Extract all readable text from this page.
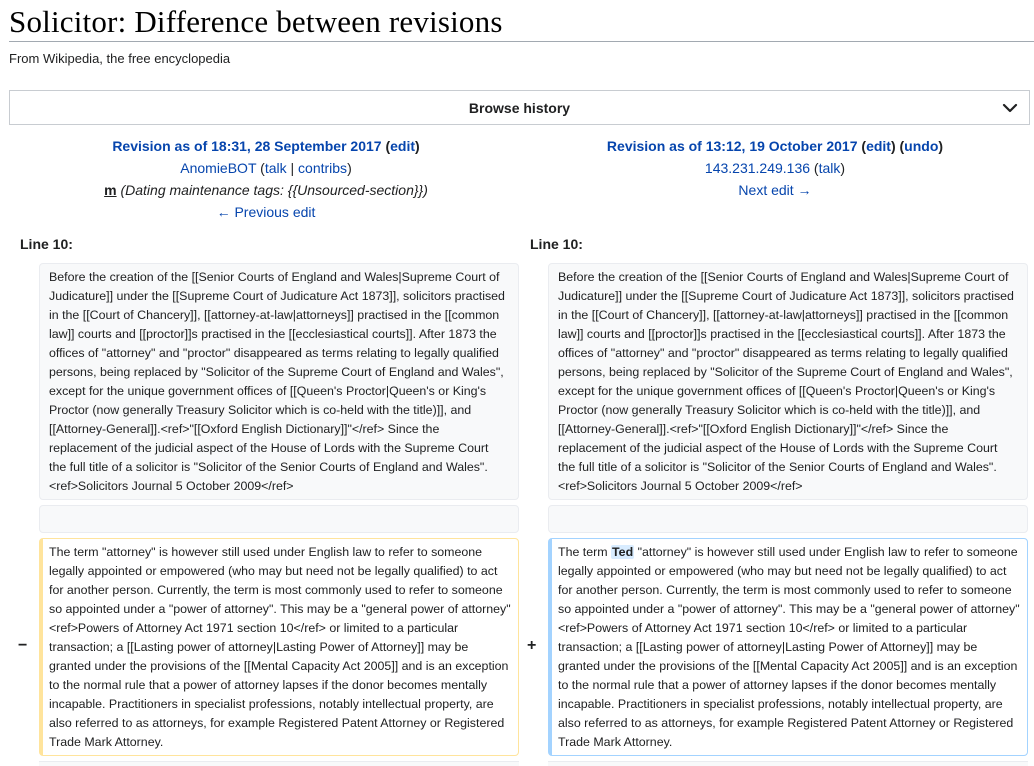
Solicitor: Difference between revisions
From Wikipedia, the free encyclopedia
Browse history
Revision as of 18:31, 28 September 2017 (edit)
AnomieBOT (talk | contribs)
m (Dating maintenance tags: {{Unsourced-section}})
← Previous edit
Revision as of 13:12, 19 October 2017 (edit) (undo)
143.231.249.136 (talk)
Next edit →
Line 10:	Line 10:
Before the creation of the [[Senior Courts of England and Wales|Supreme Court of Judicature]] under the [[Supreme Court of Judicature Act 1873]], solicitors practised in the [[Court of Chancery]], [[attorney-at-law|attorneys]] practised in the [[common law]] courts and [[proctor]]s practised in the [[ecclesiastical courts]]. After 1873 the offices of "attorney" and "proctor" disappeared as terms relating to legally qualified persons, being replaced by "Solicitor of the Supreme Court of England and Wales", except for the unique government offices of [[Queen's Proctor|Queen's or King's Proctor (now generally Treasury Solicitor which is co-held with the title)]], and [[Attorney-General]].<ref>"[[Oxford English Dictionary]]"</ref> Since the replacement of the judicial aspect of the House of Lords with the Supreme Court the full title of a solicitor is "Solicitor of the Senior Courts of England and Wales".<ref>Solicitors Journal 5 October 2009</ref>
Before the creation of the [[Senior Courts of England and Wales|Supreme Court of Judicature]] under the [[Supreme Court of Judicature Act 1873]], solicitors practised in the [[Court of Chancery]], [[attorney-at-law|attorneys]] practised in the [[common law]] courts and [[proctor]]s practised in the [[ecclesiastical courts]]. After 1873 the offices of "attorney" and "proctor" disappeared as terms relating to legally qualified persons, being replaced by "Solicitor of the Supreme Court of England and Wales", except for the unique government offices of [[Queen's Proctor|Queen's or King's Proctor (now generally Treasury Solicitor which is co-held with the title)]], and [[Attorney-General]].<ref>"[[Oxford English Dictionary]]"</ref> Since the replacement of the judicial aspect of the House of Lords with the Supreme Court the full title of a solicitor is "Solicitor of the Senior Courts of England and Wales".<ref>Solicitors Journal 5 October 2009</ref>
−
The term "attorney" is however still used under English law to refer to someone legally appointed or empowered (who may but need not be legally qualified) to act for another person. Currently, the term is most commonly used to refer to someone so appointed under a "power of attorney". This may be a "general power of attorney" <ref>Powers of Attorney Act 1971 section 10</ref> or limited to a particular transaction; a [[Lasting power of attorney|Lasting Power of Attorney]] may be granted under the provisions of the [[Mental Capacity Act 2005]] and is an exception to the normal rule that a power of attorney lapses if the donor becomes mentally incapable. Practitioners in specialist professions, notably intellectual property, are also referred to as attorneys, for example Registered Patent Attorney or Registered Trade Mark Attorney.
+
The term Ted "attorney" is however still used under English law to refer to someone legally appointed or empowered (who may but need not be legally qualified) to act for another person. Currently, the term is most commonly used to refer to someone so appointed under a "power of attorney". This may be a "general power of attorney" <ref>Powers of Attorney Act 1971 section 10</ref> or limited to a particular transaction; a [[Lasting power of attorney|Lasting Power of Attorney]] may be granted under the provisions of the [[Mental Capacity Act 2005]] and is an exception to the normal rule that a power of attorney lapses if the donor becomes mentally incapable. Practitioners in specialist professions, notably intellectual property, are also referred to as attorneys, for example Registered Patent Attorney or Registered Trade Mark Attorney.
